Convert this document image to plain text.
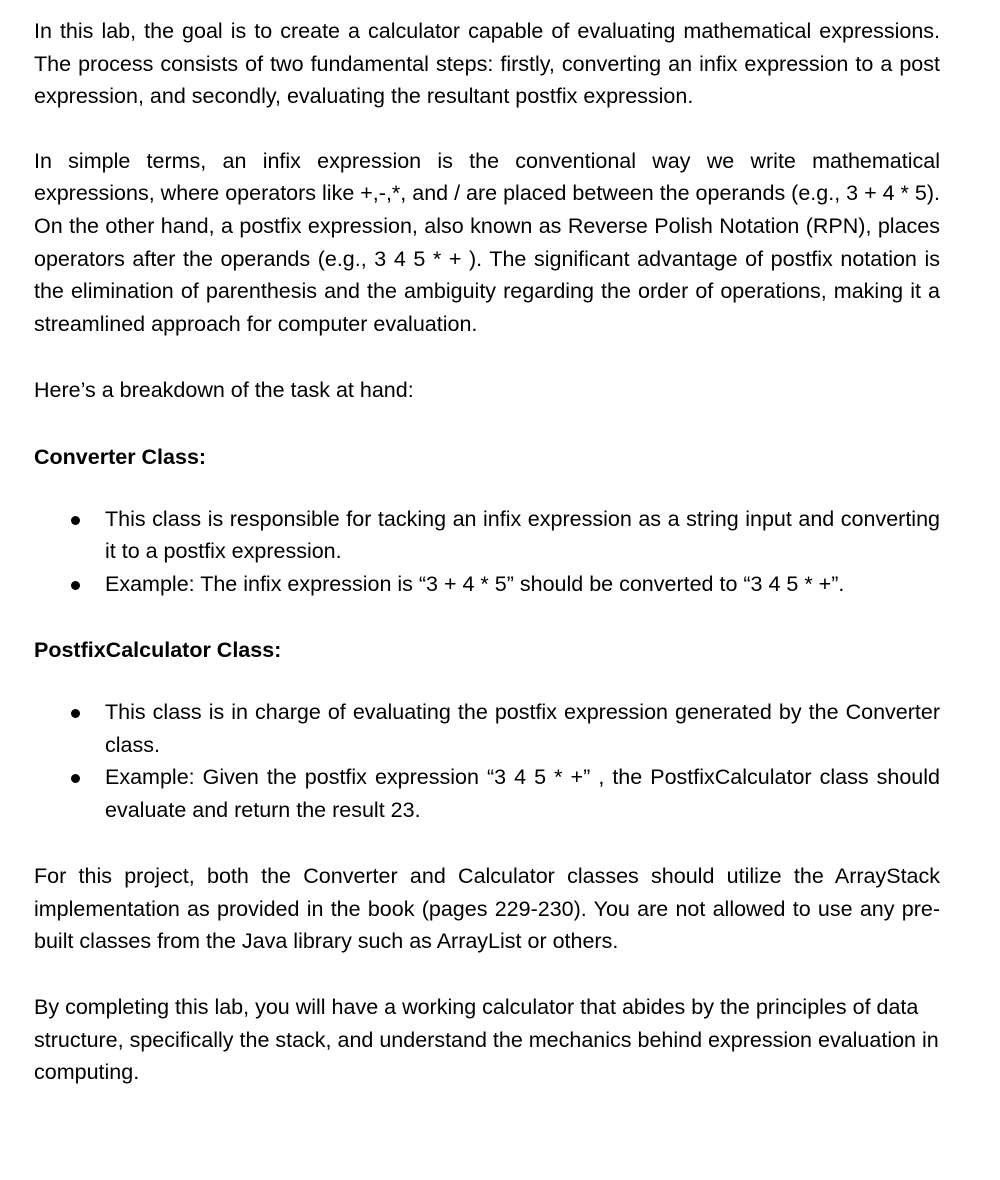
In this lab, the goal is to create a calculator capable of evaluating mathematical expressions. The process consists of two fundamental steps: firstly, converting an infix expression to a post expression, and secondly, evaluating the resultant postfix expression.

In simple terms, an infix expression is the conventional way we write mathematical expressions, where operators like +,-,*, and / are placed between the operands (e.g., 3 + 4 * 5). On the other hand, a postfix expression, also known as Reverse Polish Notation (RPN), places operators after the operands (e.g., 3 4 5 * + ). The significant advantage of postfix notation is the elimination of parenthesis and the ambiguity regarding the order of operations, making it a streamlined approach for computer evaluation.

Here’s a breakdown of the task at hand:

Converter Class:
This class is responsible for tacking an infix expression as a string input and converting it to a postfix expression.
Example: The infix expression is “3 + 4 * 5” should be converted to “3 4 5 * +”.
PostfixCalculator Class:
This class is in charge of evaluating the postfix expression generated by the Converter class.
Example: Given the postfix expression “3 4 5 * +” , the PostfixCalculator class should evaluate and return the result 23.

For this project, both the Converter and Calculator classes should utilize the ArrayStack implementation as provided in the book (pages 229-230). You are not allowed to use any pre-built classes from the Java library such as ArrayList or others.

By completing this lab, you will have a working calculator that abides by the principles of data structure, specifically the stack, and understand the mechanics behind expression evaluation in computing.
